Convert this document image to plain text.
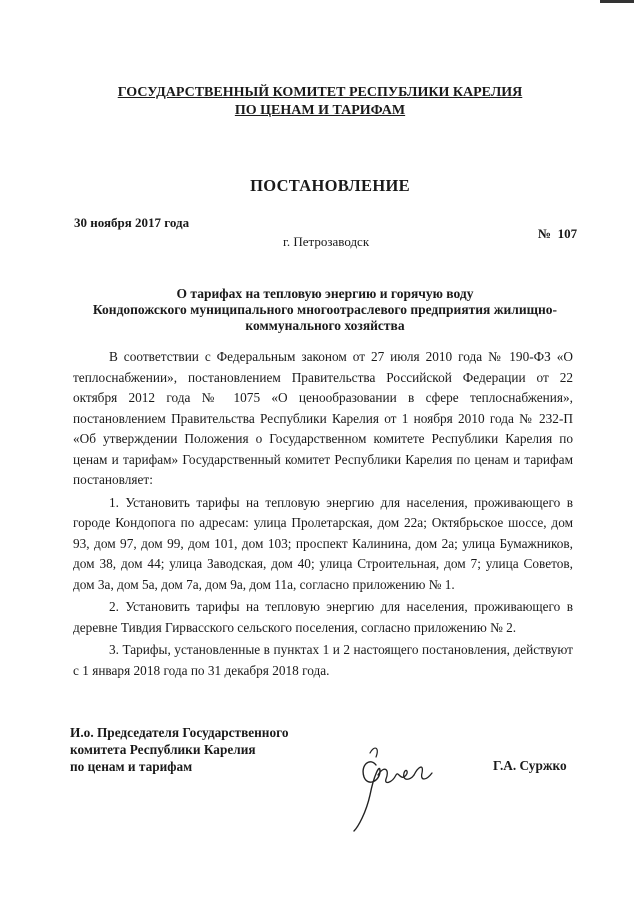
ГОСУДАРСТВЕННЫЙ КОМИТЕТ РЕСПУБЛИКИ КАРЕЛИЯ
ПО ЦЕНАМ И ТАРИФАМ
ПОСТАНОВЛЕНИЕ
30 ноября 2017 года
№  107
г. Петрозаводск
О тарифах на тепловую энергию и горячую воду
Кондопожского муниципального многоотраслевого предприятия жилищно-
коммунального хозяйства
В соответствии с Федеральным законом от 27 июля 2010 года № 190-ФЗ «О теплоснабжении», постановлением Правительства Российской Федерации от 22 октября 2012 года № 1075 «О ценообразовании в сфере теплоснабжения», постановлением Правительства Республики Карелия от 1 ноября 2010 года № 232-П «Об утверждении Положения о Государственном комитете Республики Карелия по ценам и тарифам» Государственный комитет Республики Карелия по ценам и тарифам постановляет:
1. Установить тарифы на тепловую энергию для населения, проживающего в городе Кондопога по адресам: улица Пролетарская, дом 22а; Октябрьское шоссе, дом 93, дом 97, дом 99, дом 101, дом 103; проспект Калинина, дом 2а; улица Бумажников, дом 38, дом 44; улица Заводская, дом 40; улица Строительная, дом 7; улица Советов, дом 3а, дом 5а, дом 7а, дом 9а, дом 11а, согласно приложению № 1.
2. Установить тарифы на тепловую энергию для населения, проживающего в деревне Тивдия Гирвасского сельского поселения, согласно приложению № 2.
3. Тарифы, установленные в пунктах 1 и 2 настоящего постановления, действуют с 1 января 2018 года по 31 декабря 2018 года.
И.о. Председателя Государственного
комитета Республики Карелия
по ценам и тарифам	Г.А. Суржко
